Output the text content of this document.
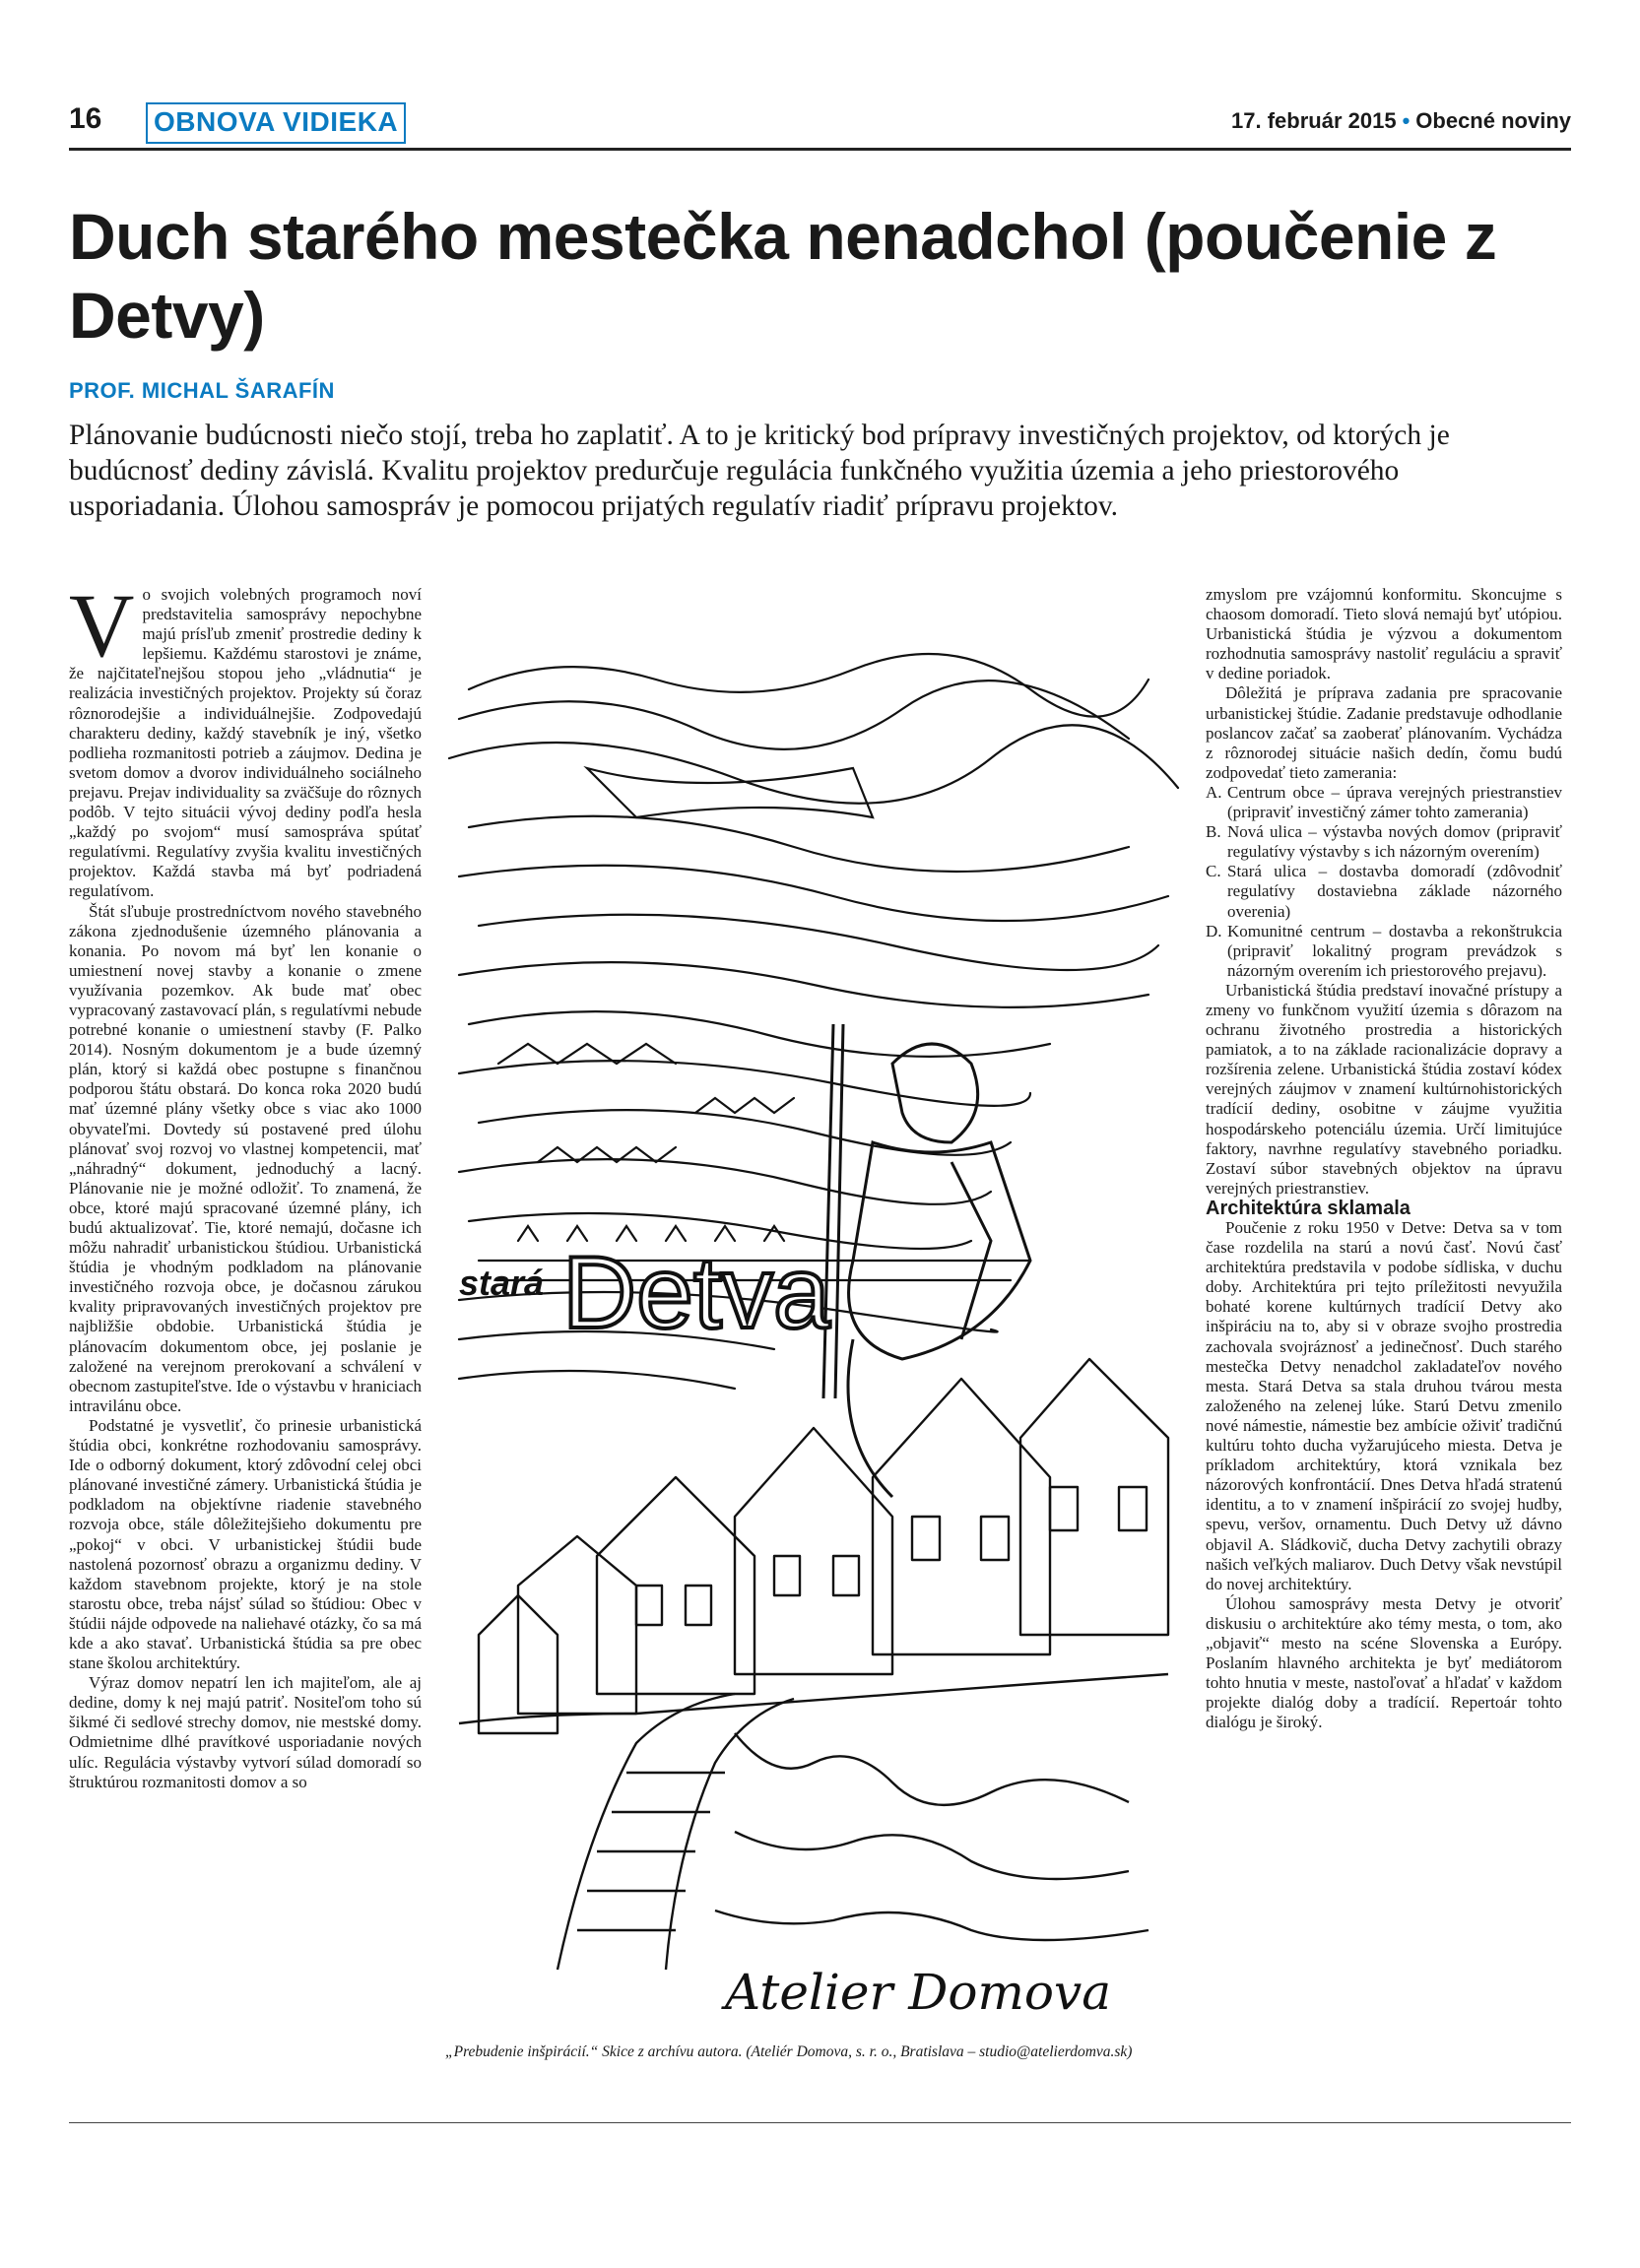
16 OBNOVA VIDIEKA	17. február 2015 • Obecné noviny
Duch starého mestečka nenadchol (poučenie z Detvy)
PROF. MICHAL ŠARAFÍN

Plánovanie budúcnosti niečo stojí, treba ho zaplatiť. A to je kritický bod prípravy investičných projektov, od ktorých je budúcnosť dediny závislá. Kvalitu projektov predurčuje regulácia funkčného využitia územia a jeho priestorového usporiadania. Úlohou samospráv je pomocou prijatých regulatív riadiť prípravu projektov.

Vo svojich volebných programoch noví predstavitelia samosprávy nepochybne majú prísľub zmeniť prostredie dediny k lepšiemu. Každému starostovi je známe, že najčitateľnejšou stopou jeho „vládnutia“ je realizácia investičných projektov. Projekty sú čoraz rôznorodejšie a individuálnejšie. Zodpovedajú charakteru dediny, každý stavebník je iný, všetko podlieha rozmanitosti potrieb a záujmov. Dedina je svetom domov a dvorov individuálneho sociálneho prejavu. Prejav individuality sa zväčšuje do rôznych podôb. V tejto situácii vývoj dediny podľa hesla „každý po svojom“ musí samospráva spútať regulatívmi. Regulatívy zvyšia kvalitu investičných projektov. Každá stavba má byť podriadená regulatívom.

Štát sľubuje prostredníctvom nového stavebného zákona zjednodušenie územného plánovania a konania. Po novom má byť len konanie o umiestnení novej stavby a konanie o zmene využívania pozemkov. Ak bude mať obec vypracovaný zastavovací plán, s regulatívmi nebude potrebné konanie o umiestnení stavby (F. Palko 2014). Nosným dokumentom je a bude územný plán, ktorý si každá obec postupne s finančnou podporou štátu obstará. Do konca roka 2020 budú mať územné plány všetky obce s viac ako 1000 obyvateľmi. Dovtedy sú postavené pred úlohu plánovať svoj rozvoj vo vlastnej kompetencii, mať „náhradný“ dokument, jednoduchý a lacný. Plánovanie nie je možné odložiť. To znamená, že obce, ktoré majú spracované územné plány, ich budú aktualizovať. Tie, ktoré nemajú, dočasne ich môžu nahradiť urbanistickou štúdiou. Urbanistická štúdia je vhodným podkladom na plánovanie investičného rozvoja obce, je dočasnou zárukou kvality pripravovaných investičných projektov pre najbližšie obdobie. Urbanistická štúdia je plánovacím dokumentom obce, jej poslanie je založené na verejnom prerokovaní a schválení v obecnom zastupiteľstve. Ide o výstavbu v hraniciach intravilánu obce.

Podstatné je vysvetliť, čo prinesie urbanistická štúdia obci, konkrétne rozhodovaniu samosprávy. Ide o odborný dokument, ktorý zdôvodní celej obci plánované investičné zámery. Urbanistická štúdia je podkladom na objektívne riadenie stavebného rozvoja obce, stále dôležitejšieho dokumentu pre „pokoj“ v obci. V urbanistickej štúdii bude nastolená pozornosť obrazu a organizmu dediny. V každom stavebnom projekte, ktorý je na stole starostu obce, treba nájsť súlad so štúdiou: Obec v štúdii nájde odpovede na naliehavé otázky, čo sa má kde a ako stavať. Urbanistická štúdia sa pre obec stane školou architektúry.

Výraz domov nepatrí len ich majiteľom, ale aj dedine, domy k nej majú patriť. Nositeľom toho sú šikmé či sedlové strechy domov, nie mestské domy. Odmietnime dlhé pravítkové usporiadanie nových ulíc. Regulácia výstavby vytvorí súlad domoradí so štruktúrou rozmanitosti domov a so

stará Detva
Atelier Domova
„Prebudenie inšpirácií.“ Skice z archívu autora. (Ateliér Domova, s. r. o., Bratislava – studio@atelierdomva.sk)

zmyslom pre vzájomnú konformitu. Skoncujme s chaosom domoradí. Tieto slová nemajú byť utópiou. Urbanistická štúdia je výzvou a dokumentom rozhodnutia samosprávy nastoliť reguláciu a spraviť v dedine poriadok.

Dôležitá je príprava zadania pre spracovanie urbanistickej štúdie. Zadanie predstavuje odhodlanie poslancov začať sa zaoberať plánovaním. Vychádza z rôznorodej situácie našich dedín, čomu budú zodpovedať tieto zamerania:

A. Centrum obce – úprava verejných priestranstiev (pripraviť investičný zámer tohto zamerania)

B. Nová ulica – výstavba nových domov (pripraviť regulatívy výstavby s ich názorným overením)

C. Stará ulica – dostavba domoradí (zdôvodniť regulatívy dostaviebna základe názorného overenia)

D. Komunitné centrum – dostavba a rekonštrukcia (pripraviť lokalitný program prevádzok s názorným overením ich priestorového prejavu).

Urbanistická štúdia predstaví inovačné prístupy a zmeny vo funkčnom využití územia s dôrazom na ochranu životného prostredia a historických pamiatok, a to na základe racionalizácie dopravy a rozšírenia zelene. Urbanistická štúdia zostaví kódex verejných záujmov v znamení kultúrnohistorických tradícií dediny, osobitne v záujme využitia hospodárskeho potenciálu územia. Určí limitujúce faktory, navrhne regulatívy stavebného poriadku. Zostaví súbor stavebných objektov na úpravu verejných priestranstiev.

Architektúra sklamala

Poučenie z roku 1950 v Detve: Detva sa v tom čase rozdelila na starú a novú časť. Novú časť architektúra predstavila v podobe sídliska, v duchu doby. Architektúra pri tejto príležitosti nevyužila bohaté korene kultúrnych tradícií Detvy ako inšpiráciu na to, aby si v obraze svojho prostredia zachovala svojráznosť a jedinečnosť. Duch starého mestečka Detvy nenadchol zakladateľov nového mesta. Stará Detva sa stala druhou tvárou mesta založeného na zelenej lúke. Starú Detvu zmenilo nové námestie, námestie bez ambície oživiť tradičnú kultúru tohto ducha vyžarujúceho miesta. Detva je príkladom architektúry, ktorá vznikala bez názorových konfrontácií. Dnes Detva hľadá stratenú identitu, a to v znamení inšpirácií zo svojej hudby, spevu, veršov, ornamentu. Duch Detvy už dávno objavil A. Sládkovič, ducha Detvy zachytili obrazy našich veľkých maliarov. Duch Detvy však nevstúpil do novej architektúry.

Úlohou samosprávy mesta Detvy je otvoriť diskusiu o architektúre ako témy mesta, o tom, ako „objaviť“ mesto na scéne Slovenska a Európy. Poslaním hlavného architekta je byť mediátorom tohto hnutia v meste, nastoľovať a hľadať v každom projekte dialóg doby a tradícií. Repertoár tohto dialógu je široký.
